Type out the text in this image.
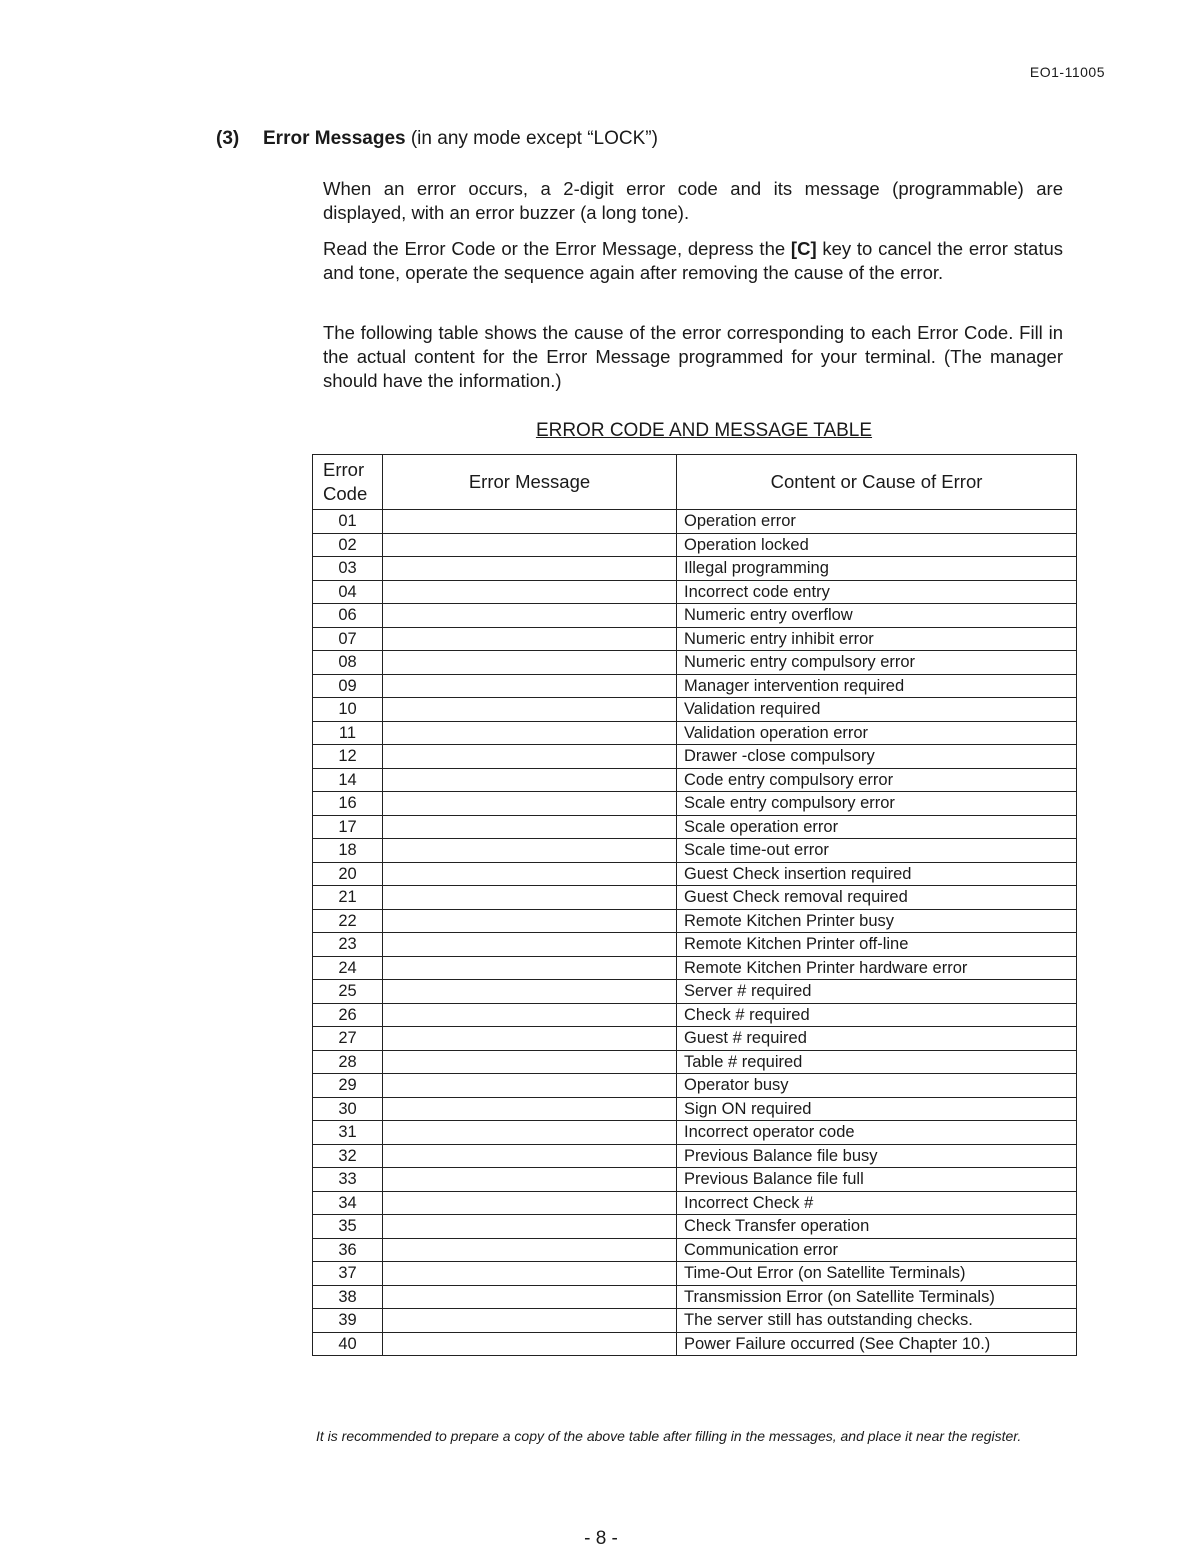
EO1-11005
(3) Error Messages (in any mode except “LOCK”)

When an error occurs, a 2-digit error code and its message (programmable) are displayed, with an error buzzer (a long tone).

Read the Error Code or the Error Message, depress the [C] key to cancel the error status and tone, operate the sequence again after removing the cause of the error.

The following table shows the cause of the error corresponding to each Error Code. Fill in the actual content for the Error Message programmed for your terminal. (The manager should have the information.)

ERROR CODE AND MESSAGE TABLE
Error
Code	Error Message	Content or Cause of Error
01		Operation error
02		Operation locked
03		Illegal programming
04		Incorrect code entry
06		Numeric entry overflow
07		Numeric entry inhibit error
08		Numeric entry compulsory error
09		Manager intervention required
10		Validation required
11		Validation operation error
12		Drawer -close compulsory
14		Code entry compulsory error
16		Scale entry compulsory error
17		Scale operation error
18		Scale time-out error
20		Guest Check insertion required
21		Guest Check removal required
22		Remote Kitchen Printer busy
23		Remote Kitchen Printer off-line
24		Remote Kitchen Printer hardware error
25		Server # required
26		Check # required
27		Guest # required
28		Table # required
29		Operator busy
30		Sign ON required
31		Incorrect operator code
32		Previous Balance file busy
33		Previous Balance file full
34		Incorrect Check #
35		Check Transfer operation
36		Communication error
37		Time-Out Error (on Satellite Terminals)
38		Transmission Error (on Satellite Terminals)
39		The server still has outstanding checks.
40		Power Failure occurred (See Chapter 10.)

It is recommended to prepare a copy of the above table after filling in the messages, and place it near the register.

- 8 -
